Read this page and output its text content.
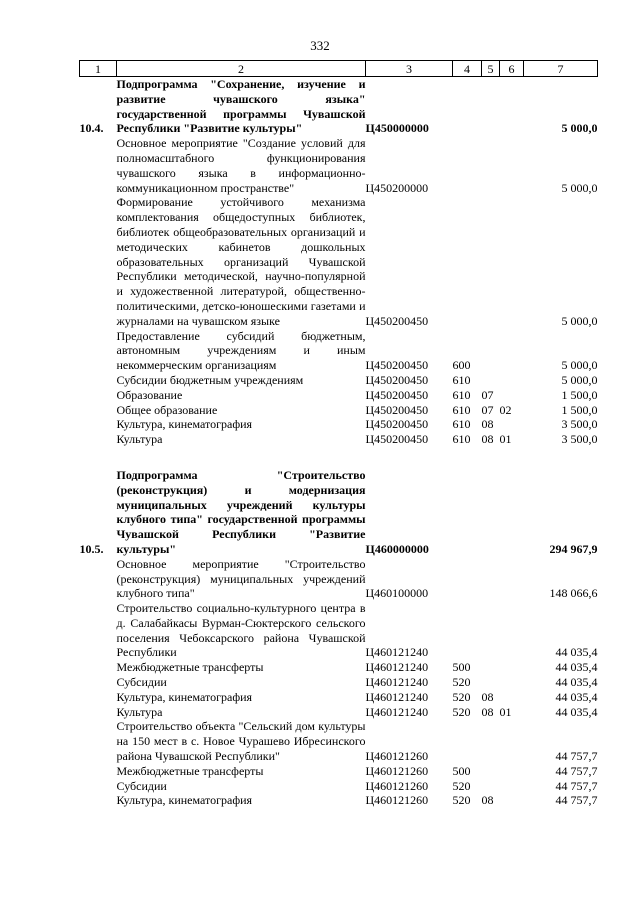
332
1	2	3	4	5	6	7
10.4.	Подпрограмма "Сохранение, изучение и развитие чувашского языка" государственной программы Чувашской Республики "Развитие культуры"	Ц450000000				5 000,0
	Основное мероприятие "Создание условий для полномасштабного функционирования чувашского языка в информационно-коммуникационном пространстве"	Ц450200000				5 000,0
	Формирование устойчивого механизма комплектования общедоступных библиотек, библиотек общеобразовательных организаций и методических кабинетов дошкольных образовательных организаций Чувашской Республики методической, научно-популярной и художественной литературой, общественно-политическими, детско-юношескими газетами и журналами на чувашском языке	Ц450200450				5 000,0
	Предоставление субсидий бюджетным, автономным учреждениям и иным некоммерческим организациям	Ц450200450	600			5 000,0
	Субсидии бюджетным учреждениям	Ц450200450	610			5 000,0
	Образование	Ц450200450	610	07		1 500,0
	Общее образование	Ц450200450	610	07	02	1 500,0
	Культура, кинематография	Ц450200450	610	08		3 500,0
	Культура	Ц450200450	610	08	01	3 500,0

10.5.	Подпрограмма "Строительство (реконструкция) и модернизация муниципальных учреждений культуры клубного типа" государственной программы Чувашской Республики "Развитие культуры"	Ц460000000				294 967,9
	Основное мероприятие "Строительство (реконструкция) муниципальных учреждений клубного типа"	Ц460100000				148 066,6
	Строительство социально-культурного центра в д. Салабайкасы Вурман-Сюктерского сельского поселения Чебоксарского района Чувашской Республики	Ц460121240				44 035,4
	Межбюджетные трансферты	Ц460121240	500			44 035,4
	Субсидии	Ц460121240	520			44 035,4
	Культура, кинематография	Ц460121240	520	08		44 035,4
	Культура	Ц460121240	520	08	01	44 035,4
	Строительство объекта "Сельский дом культуры на 150 мест в с. Новое Чурашево Ибресинского района Чувашской Республики"	Ц460121260				44 757,7
	Межбюджетные трансферты	Ц460121260	500			44 757,7
	Субсидии	Ц460121260	520			44 757,7
	Культура, кинематография	Ц460121260	520	08		44 757,7
